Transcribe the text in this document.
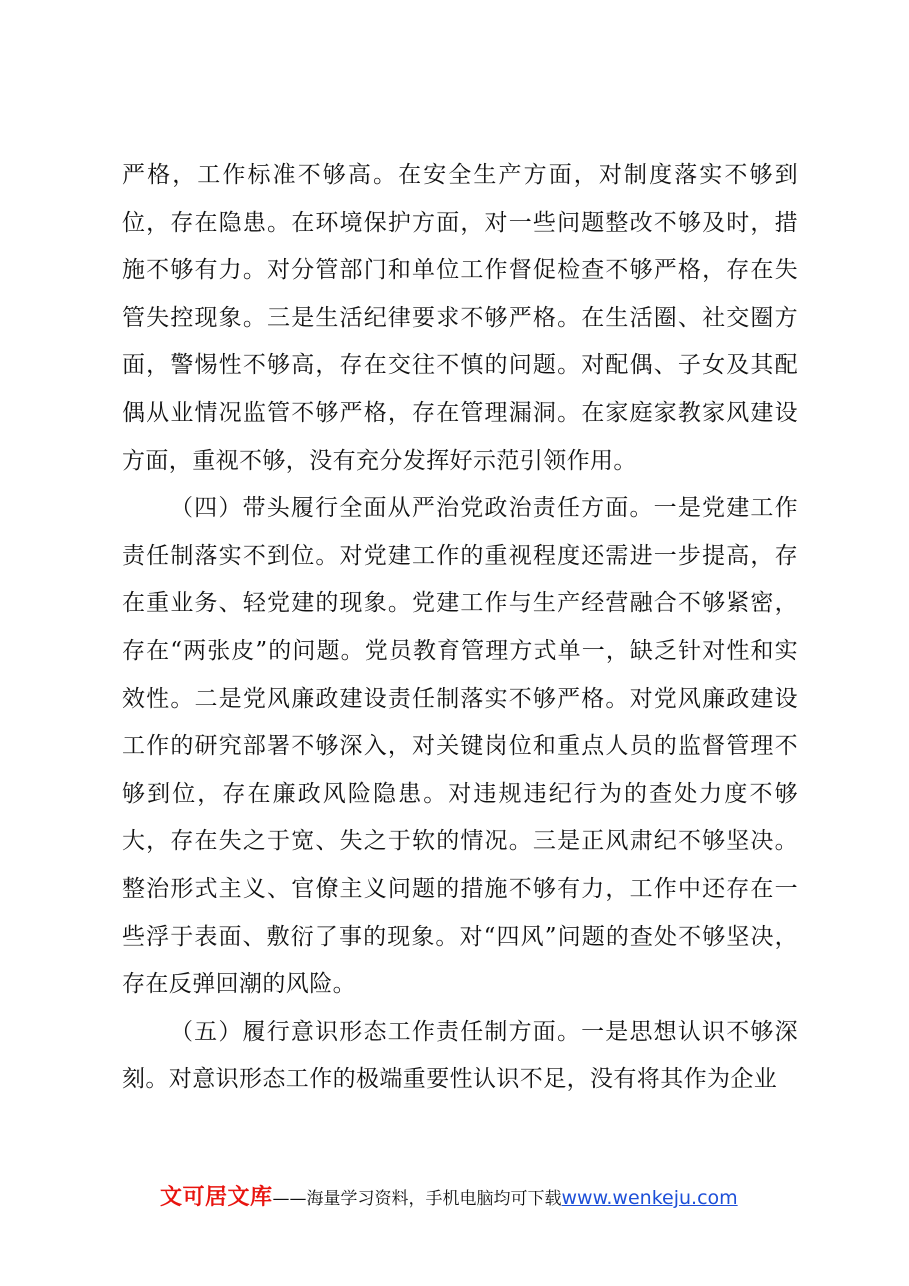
严格，工作标准不够高。在安全生产方面，对制度落实不够到位，存在隐患。在环境保护方面，对一些问题整改不够及时，措施不够有力。对分管部门和单位工作督促检查不够严格，存在失管失控现象。三是生活纪律要求不够严格。在生活圈、社交圈方面，警惕性不够高，存在交往不慎的问题。对配偶、子女及其配偶从业情况监管不够严格，存在管理漏洞。在家庭家教家风建设方面，重视不够，没有充分发挥好示范引领作用。

（四）带头履行全面从严治党政治责任方面。一是党建工作责任制落实不到位。对党建工作的重视程度还需进一步提高，存在重业务、轻党建的现象。党建工作与生产经营融合不够紧密，存在“两张皮”的问题。党员教育管理方式单一，缺乏针对性和实效性。二是党风廉政建设责任制落实不够严格。对党风廉政建设工作的研究部署不够深入，对关键岗位和重点人员的监督管理不够到位，存在廉政风险隐患。对违规违纪行为的查处力度不够大，存在失之于宽、失之于软的情况。三是正风肃纪不够坚决。整治形式主义、官僚主义问题的措施不够有力，工作中还存在一些浮于表面、敷衍了事的现象。对“四风”问题的查处不够坚决，存在反弹回潮的风险。

（五）履行意识形态工作责任制方面。一是思想认识不够深刻。对意识形态工作的极端重要性认识不足，没有将其作为企业

文可居文库 ——海量学习资料，手机电脑均可下载 www.wenkeju.com
